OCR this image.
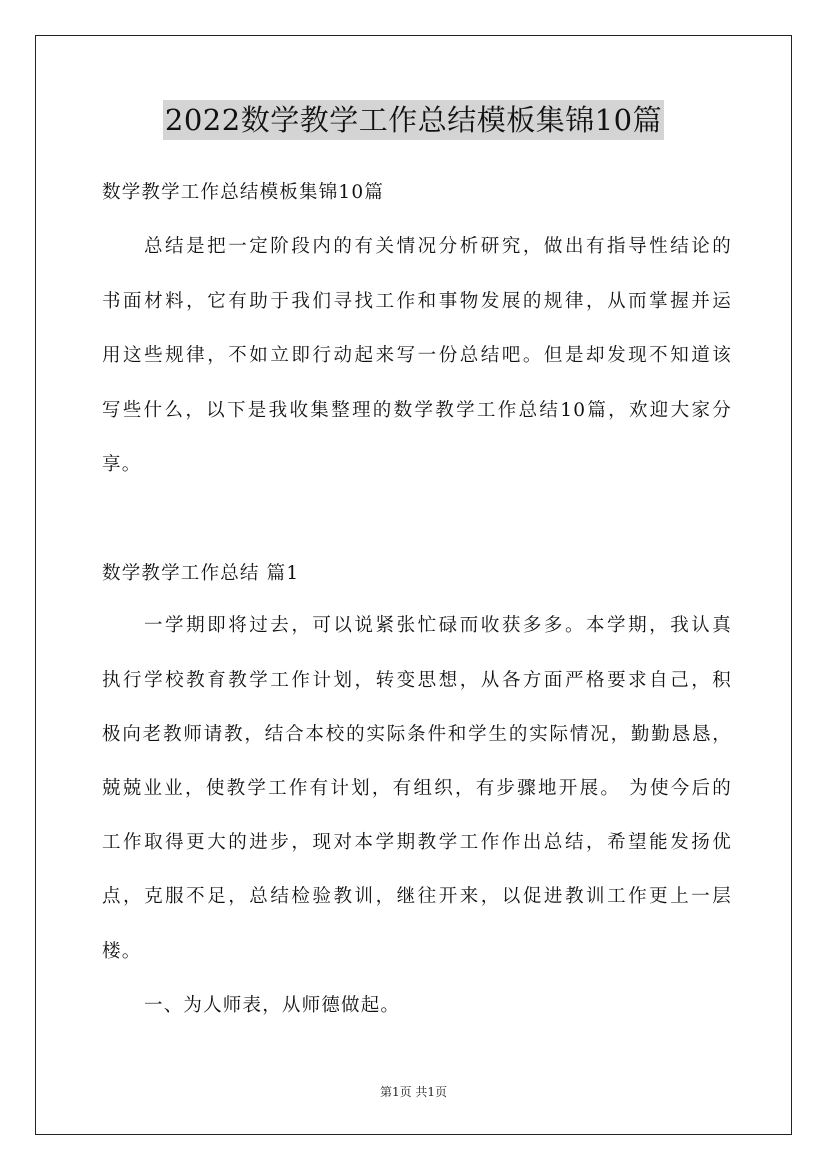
2022数学教学工作总结模板集锦10篇
数学教学工作总结模板集锦10篇
总结是把一定阶段内的有关情况分析研究，做出有指导性结论的
书面材料，它有助于我们寻找工作和事物发展的规律，从而掌握并运
用这些规律，不如立即行动起来写一份总结吧。但是却发现不知道该
写些什么，以下是我收集整理的数学教学工作总结10篇，欢迎大家分
享。
数学教学工作总结 篇1
一学期即将过去，可以说紧张忙碌而收获多多。本学期，我认真
执行学校教育教学工作计划，转变思想，从各方面严格要求自己，积
极向老教师请教，结合本校的实际条件和学生的实际情况，勤勤恳恳，
兢兢业业，使教学工作有计划，有组织，有步骤地开展。 为使今后的
工作取得更大的进步，现对本学期教学工作作出总结，希望能发扬优
点，克服不足，总结检验教训，继往开来，以促进教训工作更上一层
楼。
一、为人师表，从师德做起。
第1页 共1页
